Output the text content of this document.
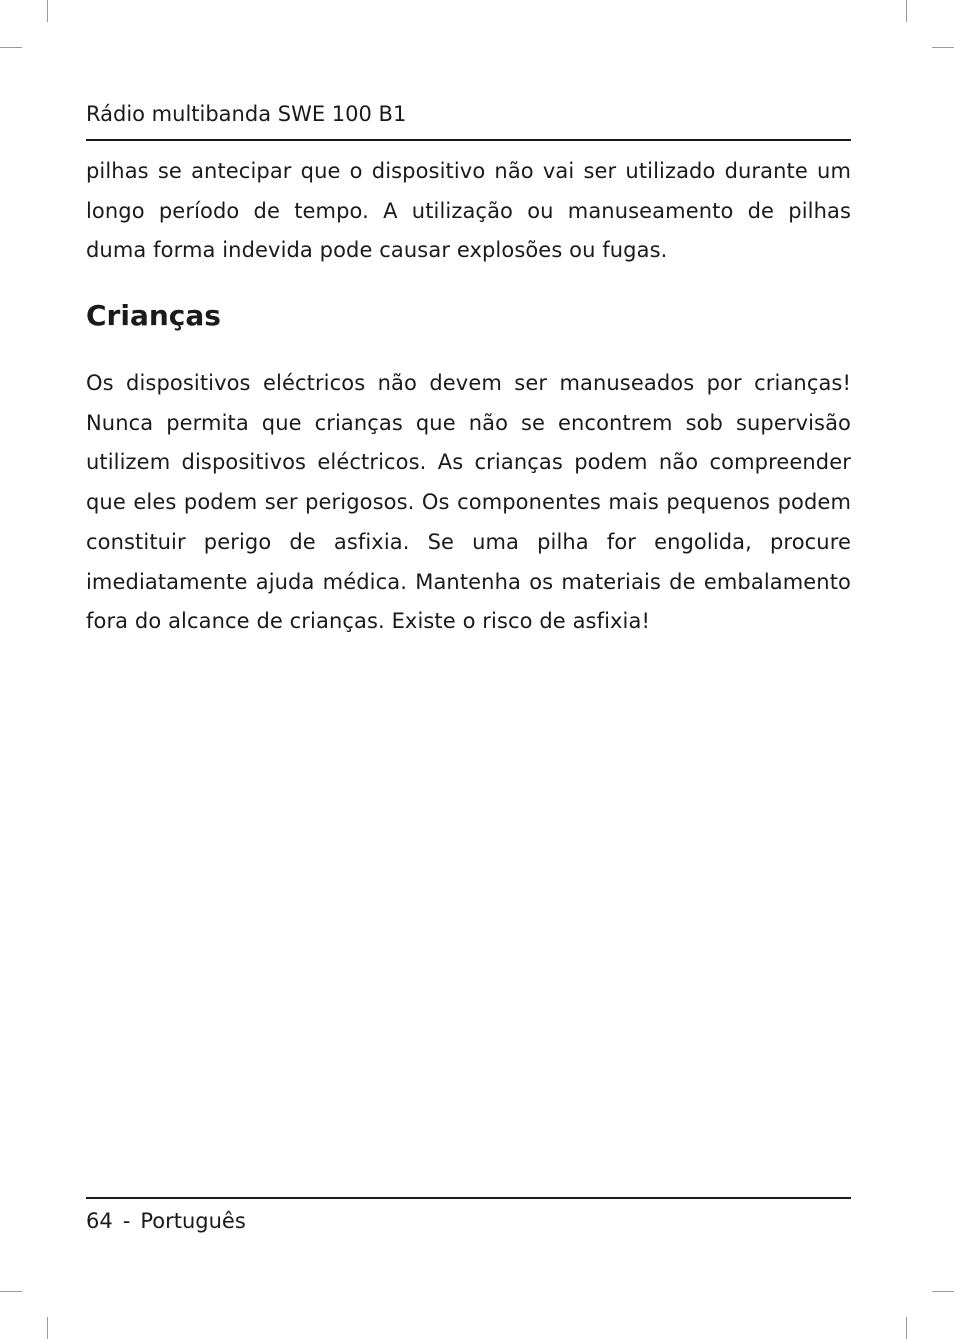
Rádio multibanda SWE 100 B1

pilhas se antecipar que o dispositivo não vai ser utilizado durante um longo período de tempo. A utilização ou manuseamento de pilhas duma forma indevida pode causar explosões ou fugas.

Crianças

Os dispositivos eléctricos não devem ser manuseados por crianças! Nunca permita que crianças que não se encontrem sob supervisão utilizem dispositivos eléctricos. As crianças podem não compreender que eles podem ser perigosos. Os componentes mais pequenos podem constituir perigo de asfixia. Se uma pilha for engolida, procure imediatamente ajuda médica. Mantenha os materiais de embalamento fora do alcance de crianças. Existe o risco de asfixia!

64 - Português
